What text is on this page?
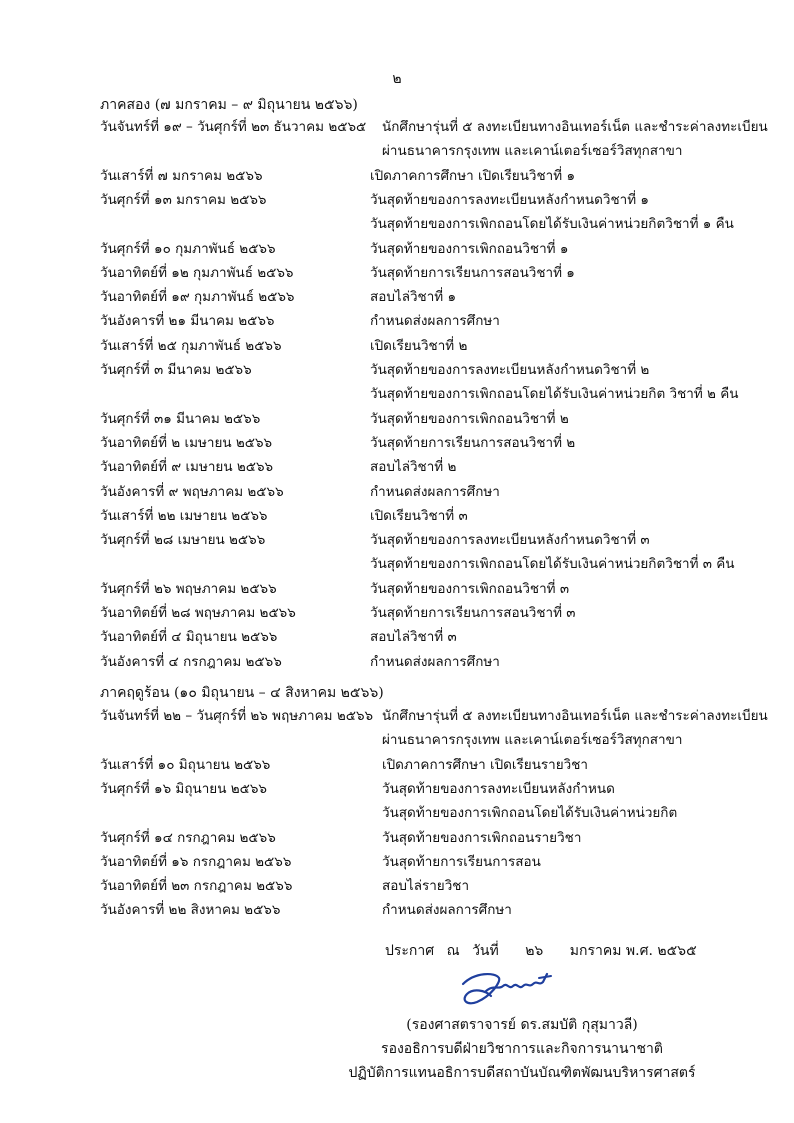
๒
ภาคสอง (๗ มกราคม – ๙ มิถุนายน ๒๕๖๖)
วันจันทร์ที่ ๑๙ – วันศุกร์ที่ ๒๓ ธันวาคม ๒๕๖๕ นักศึกษารุ่นที่ ๕ ลงทะเบียนทางอินเทอร์เน็ต และชำระค่าลงทะเบียน
ผ่านธนาคารกรุงเทพ และเคาน์เตอร์เซอร์วิสทุกสาขา
วันเสาร์ที่ ๗ มกราคม ๒๕๖๖	เปิดภาคการศึกษา เปิดเรียนวิชาที่ ๑
วันศุกร์ที่ ๑๓ มกราคม ๒๕๖๖	วันสุดท้ายของการลงทะเบียนหลังกำหนดวิชาที่ ๑
วันสุดท้ายของการเพิกถอนโดยได้รับเงินค่าหน่วยกิตวิชาที่ ๑ คืน
วันศุกร์ที่ ๑๐ กุมภาพันธ์ ๒๕๖๖	วันสุดท้ายของการเพิกถอนวิชาที่ ๑
วันอาทิตย์ที่ ๑๒ กุมภาพันธ์ ๒๕๖๖	วันสุดท้ายการเรียนการสอนวิชาที่ ๑
วันอาทิตย์ที่ ๑๙ กุมภาพันธ์ ๒๕๖๖	สอบไล่วิชาที่ ๑
วันอังคารที่ ๒๑ มีนาคม ๒๕๖๖	กำหนดส่งผลการศึกษา
วันเสาร์ที่ ๒๕ กุมภาพันธ์ ๒๕๖๖	เปิดเรียนวิชาที่ ๒
วันศุกร์ที่ ๓ มีนาคม ๒๕๖๖	วันสุดท้ายของการลงทะเบียนหลังกำหนดวิชาที่ ๒
วันสุดท้ายของการเพิกถอนโดยได้รับเงินค่าหน่วยกิต วิชาที่ ๒ คืน
วันศุกร์ที่ ๓๑ มีนาคม ๒๕๖๖	วันสุดท้ายของการเพิกถอนวิชาที่ ๒
วันอาทิตย์ที่ ๒ เมษายน ๒๕๖๖	วันสุดท้ายการเรียนการสอนวิชาที่ ๒
วันอาทิตย์ที่ ๙ เมษายน ๒๕๖๖	สอบไล่วิชาที่ ๒
วันอังคารที่ ๙ พฤษภาคม ๒๕๖๖	กำหนดส่งผลการศึกษา
วันเสาร์ที่ ๒๒ เมษายน ๒๕๖๖	เปิดเรียนวิชาที่ ๓
วันศุกร์ที่ ๒๘ เมษายน ๒๕๖๖	วันสุดท้ายของการลงทะเบียนหลังกำหนดวิชาที่ ๓
วันสุดท้ายของการเพิกถอนโดยได้รับเงินค่าหน่วยกิตวิชาที่ ๓ คืน
วันศุกร์ที่ ๒๖ พฤษภาคม ๒๕๖๖	วันสุดท้ายของการเพิกถอนวิชาที่ ๓
วันอาทิตย์ที่ ๒๘ พฤษภาคม ๒๕๖๖	วันสุดท้ายการเรียนการสอนวิชาที่ ๓
วันอาทิตย์ที่ ๔ มิถุนายน ๒๕๖๖	สอบไล่วิชาที่ ๓
วันอังคารที่ ๔ กรกฎาคม ๒๕๖๖	กำหนดส่งผลการศึกษา
ภาคฤดูร้อน (๑๐ มิถุนายน – ๔ สิงหาคม ๒๕๖๖)
วันจันทร์ที่ ๒๒ – วันศุกร์ที่ ๒๖ พฤษภาคม ๒๕๖๖ นักศึกษารุ่นที่ ๕ ลงทะเบียนทางอินเทอร์เน็ต และชำระค่าลงทะเบียน
ผ่านธนาคารกรุงเทพ และเคาน์เตอร์เซอร์วิสทุกสาขา
วันเสาร์ที่ ๑๐ มิถุนายน ๒๕๖๖	เปิดภาคการศึกษา เปิดเรียนรายวิชา
วันศุกร์ที่ ๑๖ มิถุนายน ๒๕๖๖	วันสุดท้ายของการลงทะเบียนหลังกำหนด
วันสุดท้ายของการเพิกถอนโดยได้รับเงินค่าหน่วยกิต
วันศุกร์ที่ ๑๔ กรกฎาคม ๒๕๖๖	วันสุดท้ายของการเพิกถอนรายวิชา
วันอาทิตย์ที่ ๑๖ กรกฎาคม ๒๕๖๖	วันสุดท้ายการเรียนการสอน
วันอาทิตย์ที่ ๒๓ กรกฎาคม ๒๕๖๖	สอบไล่รายวิชา
วันอังคารที่ ๒๒ สิงหาคม ๒๕๖๖	กำหนดส่งผลการศึกษา
ประกาศ ณ วันที่ ๒๖ มกราคม พ.ศ. ๒๕๖๕
(รองศาสตราจารย์ ดร.สมบัติ กุสุมาวลี)
รองอธิการบดีฝ่ายวิชาการและกิจการนานาชาติ
ปฏิบัติการแทนอธิการบดีสถาบันบัณฑิตพัฒนบริหารศาสตร์
